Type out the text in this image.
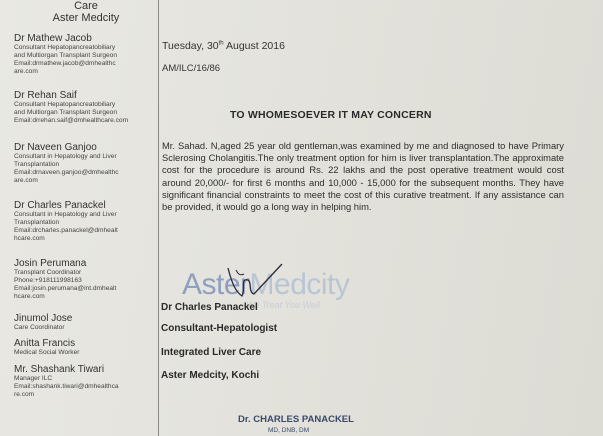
Care
Aster Medcity
Dr Mathew Jacob
Consultant Hepatopancreatobiliary
and Multiorgan Transplant Surgeon
Email:drmathew.jacob@dmhealthc
are.com
Dr Rehan Saif
Consultant Hepatopancreatobiliary
and Multiorgan Transplant Surgeon
Email:drrehan.saif@dmhealthcare.com
Dr Naveen Ganjoo
Consultant in Hepatology and Liver
Transplantation
Email:drnaveen.ganjoo@dmhealthc
are.com
Dr Charles Panackel
Consultant in Hepatology and Liver
Transplantation
Email:drcharles.panackel@dmhealt
hcare.com
Josin Perumana
Transplant Coordinator
Phone:+918111998163
Email:josin.perumana@int.dmhealt
hcare.com
Jinumol Jose
Care Coordinator
Anitta Francis
Medical Social Worker
Mr. Shashank Tiwari
Manager ILC
Email:shashank.tiwari@dmhealthca
re.com
Tuesday, 30th August 2016
AM/ILC/16/86
TO WHOMESOEVER IT MAY CONCERN
Mr. Sahad. N,aged 25 year old gentleman,was examined by me and diagnosed to have Primary Sclerosing Cholangitis.The only treatment option for him is liver transplantation.The approximate cost for the procedure is around Rs. 22 lakhs and the post operative treatment would cost around 20,000/- for first 6 months and 10,000 - 15,000 for the subsequent months. They have significant financial constraints to meet the cost of this curative treatment. If any assistance can be provided, it would go a long way in helping him.
AsterMedcity
We Treat You Well
Dr Charles Panackel
Consultant-Hepatologist
Integrated Liver Care
Aster Medcity, Kochi
Dr. CHARLES PANACKEL
MD, DNB, DM
